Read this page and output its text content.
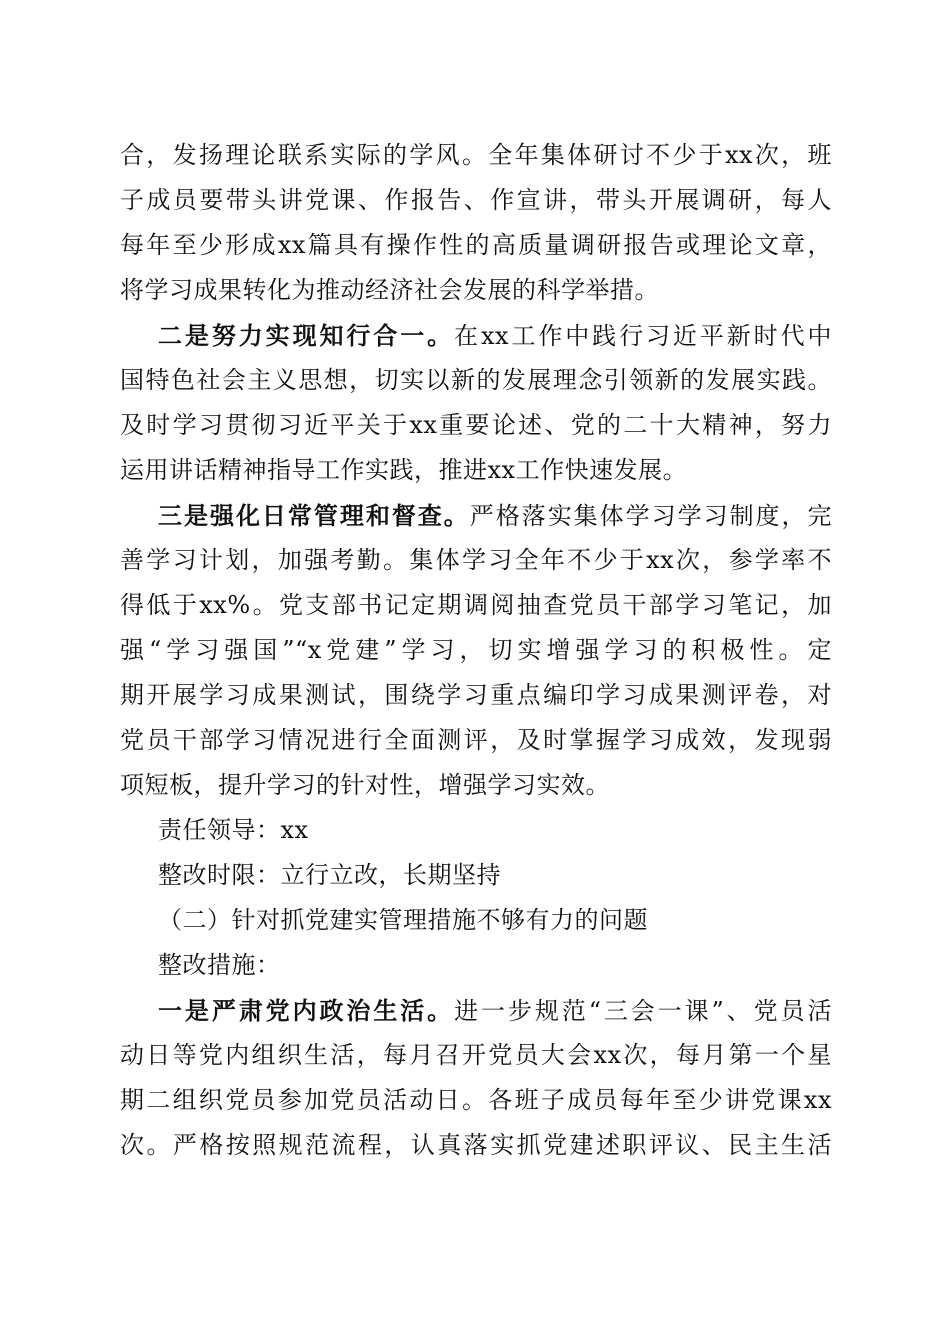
合，发扬理论联系实际的学风。全年集体研讨不少于xx次，班
子成员要带头讲党课、作报告、作宣讲，带头开展调研，每人
每年至少形成xx篇具有操作性的高质量调研报告或理论文章，
将学习成果转化为推动经济社会发展的科学举措。
二是努力实现知行合一。在xx工作中践行习近平新时代中
国特色社会主义思想，切实以新的发展理念引领新的发展实践。
及时学习贯彻习近平关于xx重要论述、党的二十大精神，努力
运用讲话精神指导工作实践，推进xx工作快速发展。
三是强化日常管理和督查。严格落实集体学习学习制度，完
善学习计划，加强考勤。集体学习全年不少于xx次，参学率不
得低于xx%。党支部书记定期调阅抽查党员干部学习笔记，加
强“学习强国”“x党建”学习，切实增强学习的积极性。定
期开展学习成果测试，围绕学习重点编印学习成果测评卷，对
党员干部学习情况进行全面测评，及时掌握学习成效，发现弱
项短板，提升学习的针对性，增强学习实效。
责任领导：xx
整改时限：立行立改，长期坚持
（二）针对抓党建实管理措施不够有力的问题
整改措施：
一是严肃党内政治生活。进一步规范“三会一课”、党员活
动日等党内组织生活，每月召开党员大会xx次，每月第一个星
期二组织党员参加党员活动日。各班子成员每年至少讲党课xx
次。严格按照规范流程，认真落实抓党建述职评议、民主生活
